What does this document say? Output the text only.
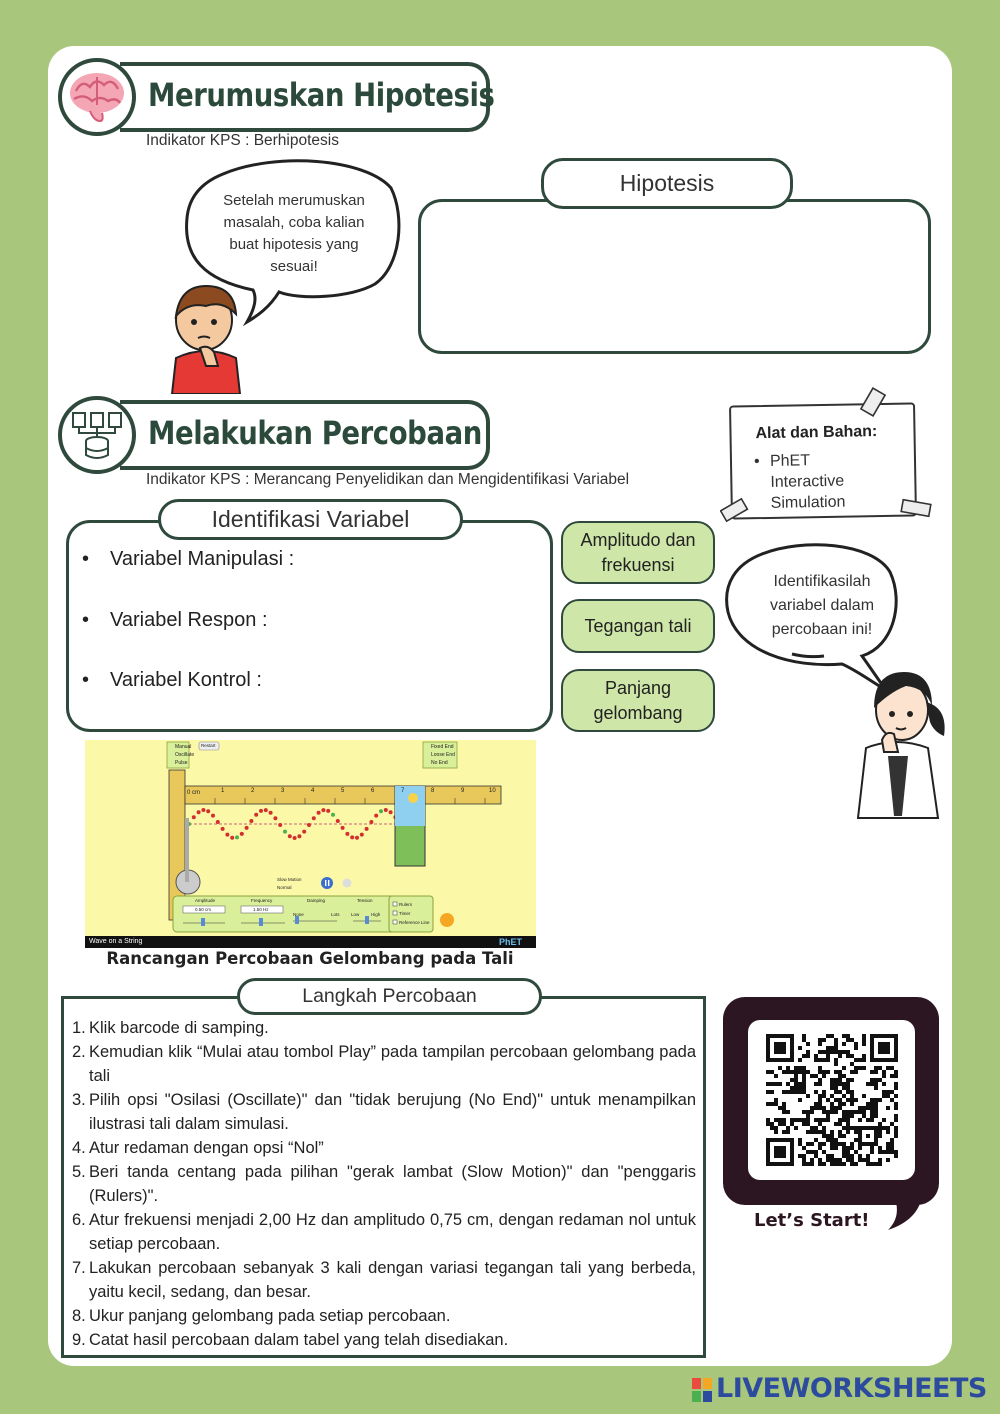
Merumuskan Hipotesis
Indikator KPS : Berhipotesis
Setelah merumuskan masalah, coba kalian buat hipotesis yang sesuai!
Hipotesis
Melakukan Percobaan
Indikator KPS : Merancang Penyelidikan dan Mengidentifikasi Variabel
Alat dan Bahan:
• PhET Interactive Simulation
Identifikasi Variabel
• Variabel Manipulasi :
• Variabel Respon :
• Variabel Kontrol :
Amplitudo dan frekuensi
Tegangan tali
Panjang gelombang
Identifikasilah variabel dalam percobaan ini!
Manual
Oscillate
Pulse
Restart	Fixed End
Loose End
No End
0 cm	1	2	3	4	5	6	7	8	9	10
Slow Motion
Normal
Amplitude
0.50 cm
Frequency
1.50 Hz
Damping
None	Lots
Tension
Low	High
Rulers
Timer
Reference Line
Wave on a String	PhET
Rancangan Percobaan Gelombang pada Tali
Langkah Percobaan
1. Klik barcode di samping.
2. Kemudian klik “Mulai atau tombol Play” pada tampilan percobaan gelombang pada tali
3. Pilih opsi "Osilasi (Oscillate)" dan "tidak berujung (No End)" untuk menampilkan ilustrasi tali dalam simulasi.
4. Atur redaman dengan opsi “Nol”
5. Beri tanda centang pada pilihan "gerak lambat (Slow Motion)" dan "penggaris (Rulers)".
6. Atur frekuensi menjadi 2,00 Hz dan amplitudo 0,75 cm, dengan redaman nol untuk setiap percobaan.
7. Lakukan percobaan sebanyak 3 kali dengan variasi tegangan tali yang berbeda, yaitu kecil, sedang, dan besar.
8. Ukur panjang gelombang pada setiap percobaan.
9. Catat hasil percobaan dalam tabel yang telah disediakan.
Let’s Start!
LIVEWORKSHEETS
